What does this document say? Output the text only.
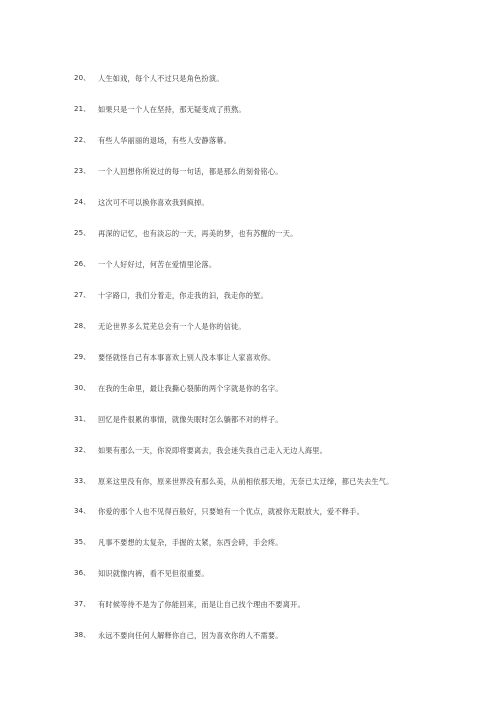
20、	人生如戏，每个人不过只是角色扮演。
21、	如果只是一个人在坚持，那无疑变成了煎熬。
22、	有些人华丽丽的退场，有些人安静落幕。
23、	一个人回想你所说过的每一句话，都是那么的刻骨铭心。
24、	这次可不可以换你喜欢我到疯掉。
25、	再深的记忆，也有淡忘的一天，再美的梦，也有苏醒的一天。
26、	一个人好好过，何苦在爱情里沦落。
27、	十字路口，我们分着走，你走我的汩，我走你的堑。
28、	无论世界多么荒芜总会有一个人是你的信徒。
29、	要怪就怪自己有本事喜欢上别人没本事让人家喜欢你。
30、	在我的生命里，最让我撕心裂肺的两个字就是你的名字。
31、	回忆是件很累的事情，就像失眠时怎么躺都不对的样子。
32、	如果有那么一天，你说即将要离去，我会迷失我自己走入无边人海里。
33、	原来这里没有你，原来世界没有那么美，从前相依那天地，无奈已太迂缔，都已失去生气。
34、	你爱的那个人也不见得百般好，只要她有一个优点，就被你无限放大，爱不释手。
35、	凡事不要想的太复杂，手握的太紧，东西会碎，手会疼。
36、	知识就像内裤，看不见但很重要。
37、	有时候等待不是为了你能回来，而是让自己找个理由不要离开。
38、	永远不要向任何人解释你自己，因为喜欢你的人不需要。
